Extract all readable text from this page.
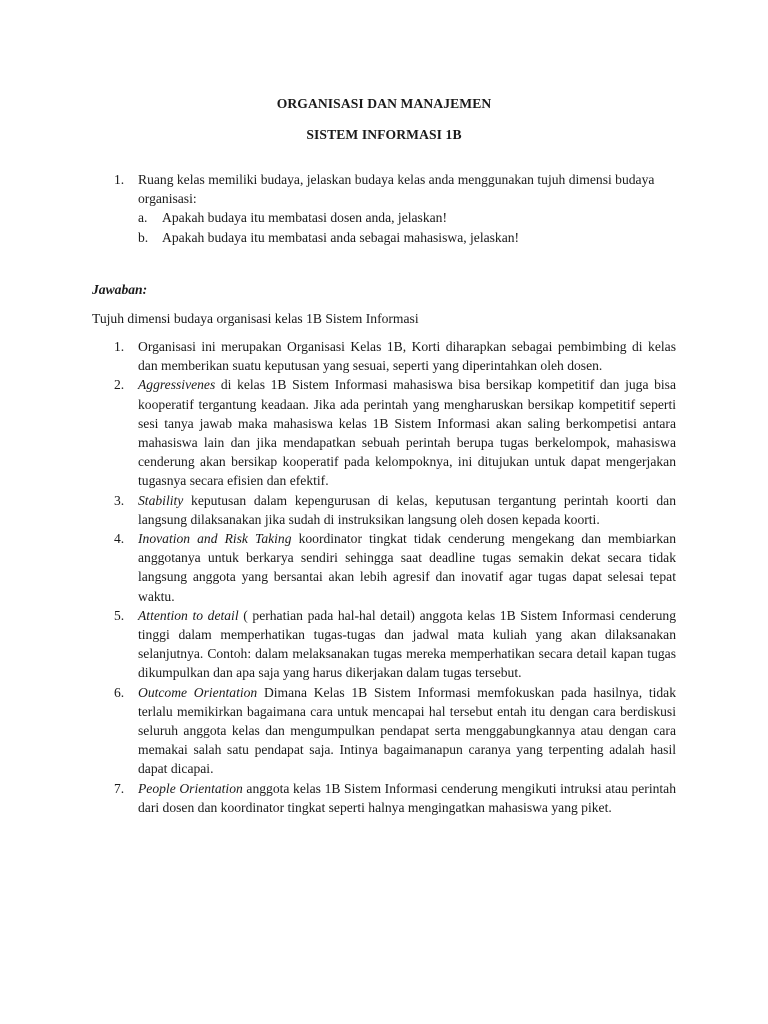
ORGANISASI DAN MANAJEMEN
SISTEM INFORMASI 1B
1. Ruang kelas memiliki budaya, jelaskan budaya kelas anda menggunakan tujuh dimensi budaya organisasi:
a. Apakah budaya itu membatasi dosen anda, jelaskan!
b. Apakah budaya itu membatasi anda sebagai mahasiswa, jelaskan!
Jawaban:
Tujuh dimensi budaya organisasi kelas 1B Sistem Informasi
1. Organisasi ini merupakan Organisasi Kelas 1B, Korti diharapkan sebagai pembimbing di kelas dan memberikan suatu keputusan yang sesuai, seperti yang diperintahkan oleh dosen.
2. Aggressivenes di kelas 1B Sistem Informasi mahasiswa bisa bersikap kompetitif dan juga bisa kooperatif tergantung keadaan. Jika ada perintah yang mengharuskan bersikap kompetitif seperti sesi tanya jawab maka mahasiswa kelas 1B Sistem Informasi akan saling berkompetisi antara mahasiswa lain dan jika mendapatkan sebuah perintah berupa tugas berkelompok, mahasiswa cenderung akan bersikap kooperatif pada kelompoknya, ini ditujukan untuk dapat mengerjakan tugasnya secara efisien dan efektif.
3. Stability keputusan dalam kepengurusan di kelas, keputusan tergantung perintah koorti dan langsung dilaksanakan jika sudah di instruksikan langsung oleh dosen kepada koorti.
4. Inovation and Risk Taking koordinator tingkat tidak cenderung mengekang dan membiarkan anggotanya untuk berkarya sendiri sehingga saat deadline tugas semakin dekat secara tidak langsung anggota yang bersantai akan lebih agresif dan inovatif agar tugas dapat selesai tepat waktu.
5. Attention to detail ( perhatian pada hal-hal detail) anggota kelas 1B Sistem Informasi cenderung tinggi dalam memperhatikan tugas-tugas dan jadwal mata kuliah yang akan dilaksanakan selanjutnya. Contoh: dalam melaksanakan tugas mereka memperhatikan secara detail kapan tugas dikumpulkan dan apa saja yang harus dikerjakan dalam tugas tersebut.
6. Outcome Orientation Dimana Kelas 1B Sistem Informasi memfokuskan pada hasilnya, tidak terlalu memikirkan bagaimana cara untuk mencapai hal tersebut entah itu dengan cara berdiskusi seluruh anggota kelas dan mengumpulkan pendapat serta menggabungkannya atau dengan cara memakai salah satu pendapat saja. Intinya bagaimanapun caranya yang terpenting adalah hasil dapat dicapai.
7. People Orientation anggota kelas 1B Sistem Informasi cenderung mengikuti intruksi atau perintah dari dosen dan koordinator tingkat seperti halnya mengingatkan mahasiswa yang piket.
